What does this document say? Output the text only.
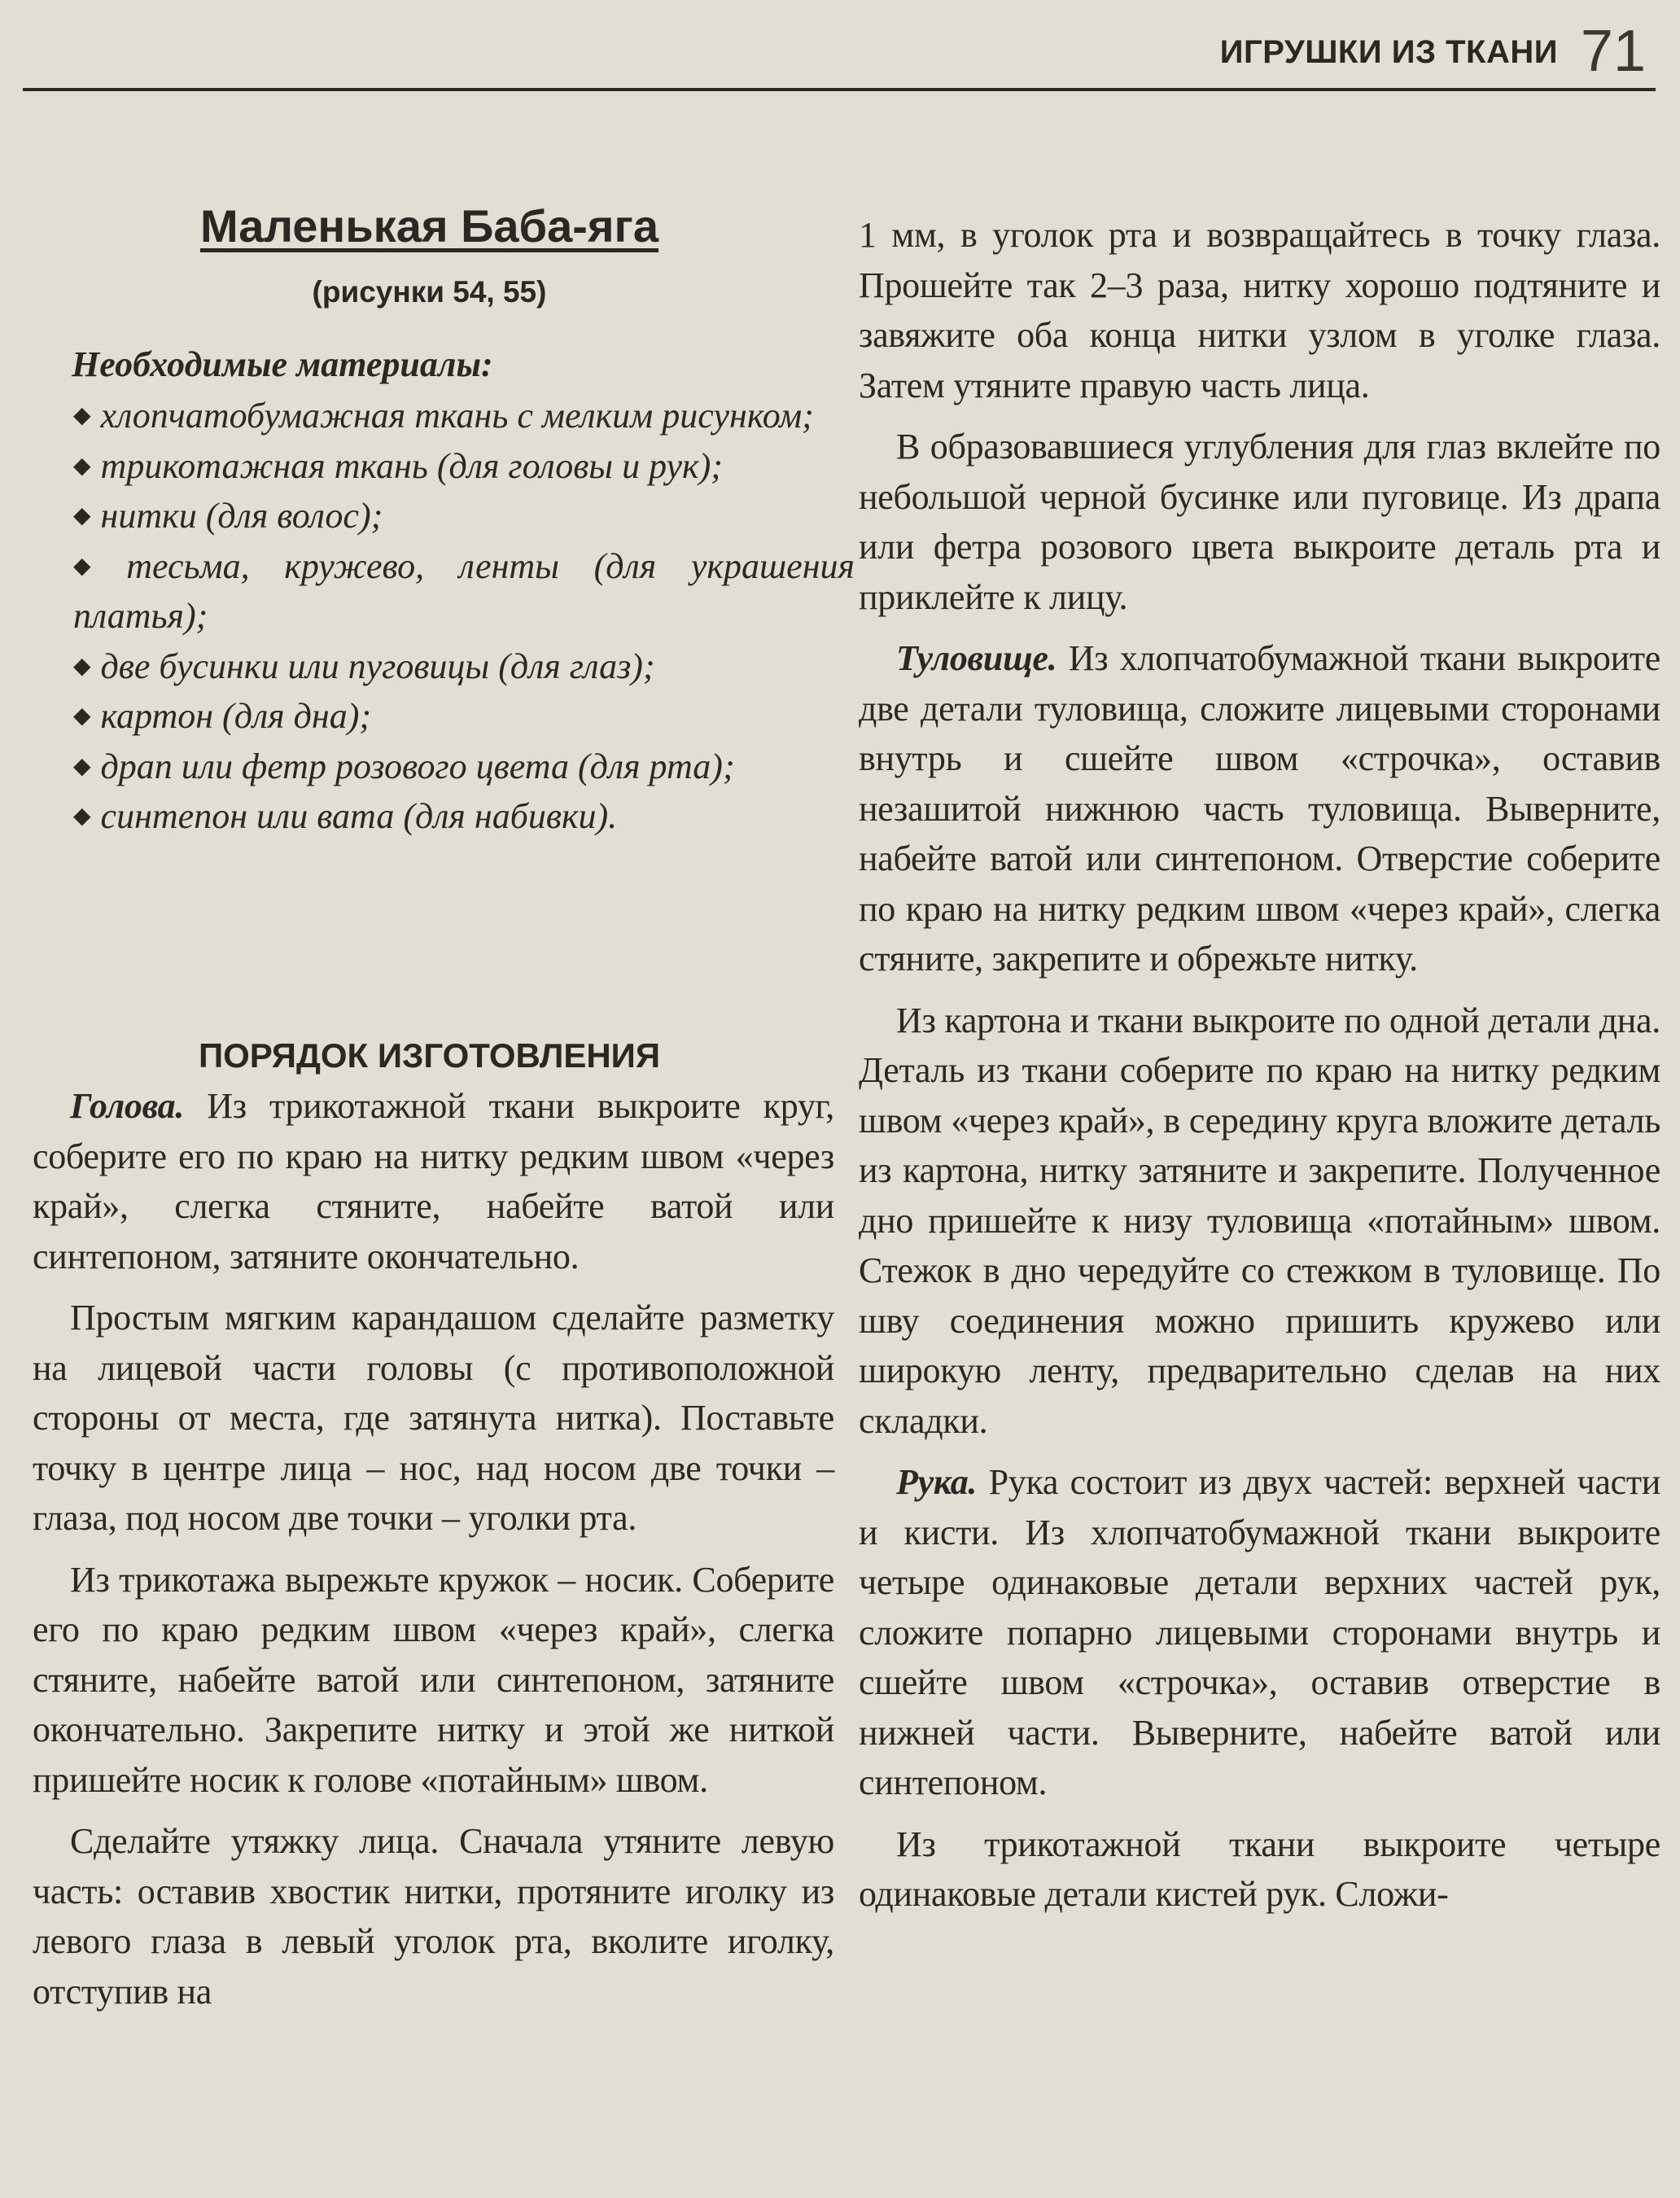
ИГРУШКИ ИЗ ТКАНИ 71
Маленькая Баба-яга
(рисунки 54, 55)
Необходимые материалы:
◆ хлопчатобумажная ткань с мелким рисунком;
◆ трикотажная ткань (для головы и рук);
◆ нитки (для волос);
◆ тесьма, кружево, ленты (для украшения платья);
◆ две бусинки или пуговицы (для глаз);
◆ картон (для дна);
◆ драп или фетр розового цвета (для рта);
◆ синтепон или вата (для набивки).
ПОРЯДОК ИЗГОТОВЛЕНИЯ

Голова. Из трикотажной ткани выкроите круг, соберите его по краю на нитку редким швом «через край», слегка стяните, набейте ватой или синтепоном, затяните окончательно.

Простым мягким карандашом сделайте разметку на лицевой части головы (с противоположной стороны от места, где затянута нитка). Поставьте точку в центре лица – нос, над носом две точки – глаза, под носом две точки – уголки рта.

Из трикотажа вырежьте кружок – носик. Соберите его по краю редким швом «через край», слегка стяните, набейте ватой или синтепоном, затяните окончательно. Закрепите нитку и этой же ниткой пришейте носик к голове «потайным» швом.

Сделайте утяжку лица. Сначала утяните левую часть: оставив хвостик нитки, протяните иголку из левого глаза в левый уголок рта, вколите иголку, отступив на

1 мм, в уголок рта и возвращайтесь в точку глаза. Прошейте так 2–3 раза, нитку хорошо подтяните и завяжите оба конца нитки узлом в уголке глаза. Затем утяните правую часть лица.

В образовавшиеся углубления для глаз вклейте по небольшой черной бусинке или пуговице. Из драпа или фетра розового цвета выкроите деталь рта и приклейте к лицу.

Туловище. Из хлопчатобумажной ткани выкроите две детали туловища, сложите лицевыми сторонами внутрь и сшейте швом «строчка», оставив незашитой нижнюю часть туловища. Выверните, набейте ватой или синтепоном. Отверстие соберите по краю на нитку редким швом «через край», слегка стяните, закрепите и обрежьте нитку.

Из картона и ткани выкроите по одной детали дна. Деталь из ткани соберите по краю на нитку редким швом «через край», в середину круга вложите деталь из картона, нитку затяните и закрепите. Полученное дно пришейте к низу туловища «потайным» швом. Стежок в дно чередуйте со стежком в туловище. По шву соединения можно пришить кружево или широкую ленту, предварительно сделав на них складки.

Рука. Рука состоит из двух частей: верхней части и кисти. Из хлопчатобумажной ткани выкроите четыре одинаковые детали верхних частей рук, сложите попарно лицевыми сторонами внутрь и сшейте швом «строчка», оставив отверстие в нижней части. Выверните, набейте ватой или синтепоном.

Из трикотажной ткани выкроите четыре одинаковые детали кистей рук. Сложи-
